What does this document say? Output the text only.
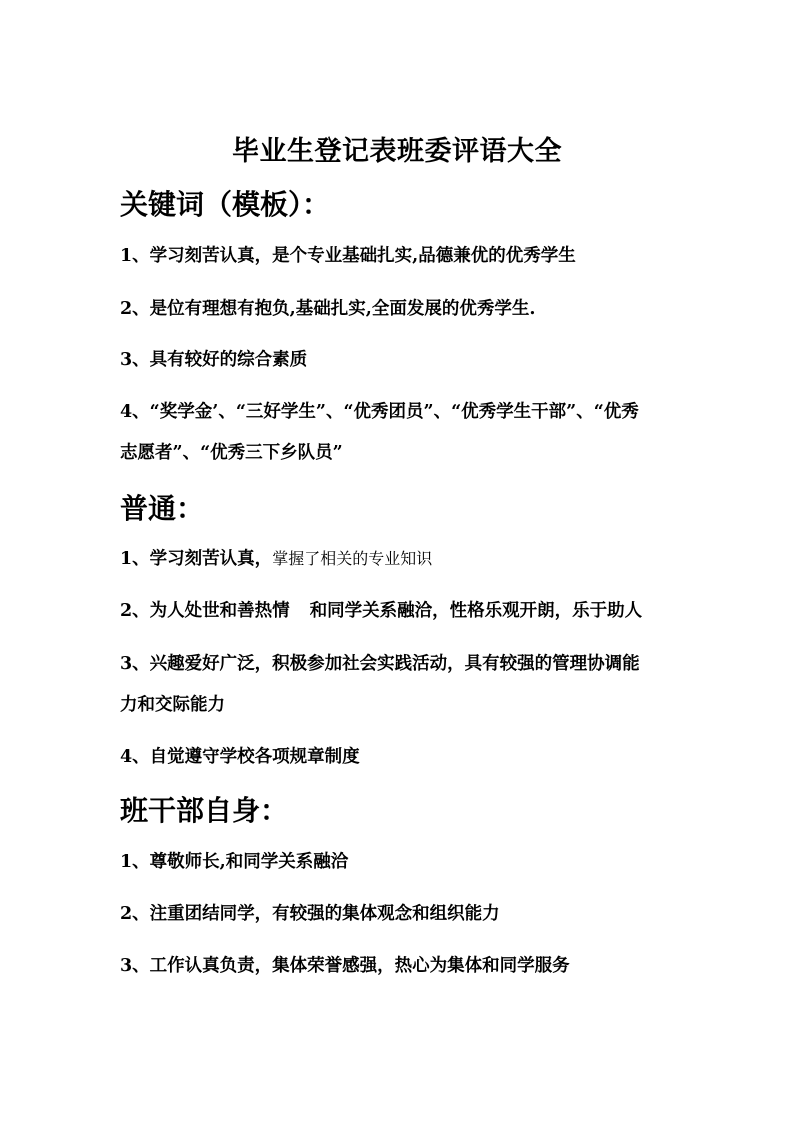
毕业生登记表班委评语大全
关键词（模板）：
1、学习刻苦认真，是个专业基础扎实,品德兼优的优秀学生
2、是位有理想有抱负,基础扎实,全面发展的优秀学生.
3、具有较好的综合素质
4、“奖学金’、“三好学生”、“优秀团员”、“优秀学生干部”、“优秀
志愿者”、“优秀三下乡队员”
普通：
1、学习刻苦认真，掌握了相关的专业知识
2、为人处世和善热情 和同学关系融洽，性格乐观开朗，乐于助人
3、兴趣爱好广泛，积极参加社会实践活动，具有较强的管理协调能
力和交际能力
4、自觉遵守学校各项规章制度
班干部自身：
1、尊敬师长,和同学关系融洽
2、注重团结同学，有较强的集体观念和组织能力
3、工作认真负责，集体荣誉感强，热心为集体和同学服务
